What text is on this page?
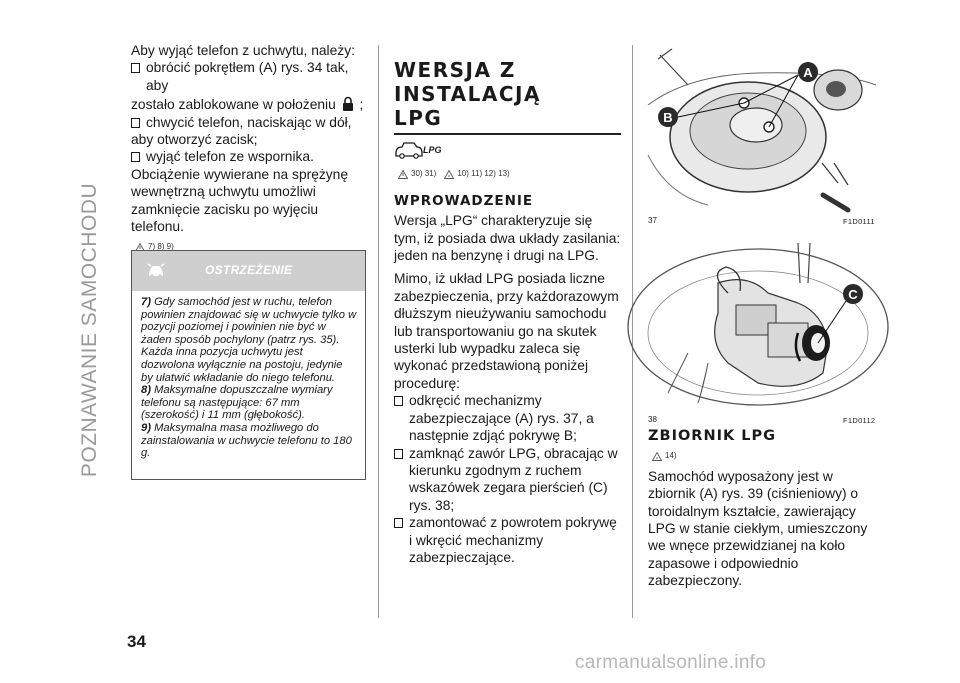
POZNAWANIE SAMOCHODU
34

Aby wyjąć telefon z uchwytu, należy:

obrócić pokrętłem (A) rys. 34 tak, aby

zostało zablokowane w położeniu ;

chwycić telefon, naciskając w dół,

aby otworzyć zacisk;

wyjąć telefon ze wspornika.

Obciążenie wywierane na sprężynę wewnętrzną uchwytu umożliwi zamknięcie zacisku po wyjęciu telefonu.

7) 8) 9)
OSTRZEŻENIE

7) Gdy samochód jest w ruchu, telefon powinien znajdować się w uchwycie tylko w pozycji poziomej i powinien nie być w żaden sposób pochylony (patrz rys. 35). Każda inna pozycja uchwytu jest dozwolona wyłącznie na postoju, jedynie by ułatwić wkładanie do niego telefonu.

8) Maksymalne dopuszczalne wymiary telefonu są następujące: 67 mm (szerokość) i 11 mm (głębokość).

9) Maksymalna masa możliwego do zainstalowania w uchwycie telefonu to 180 g.

WERSJA Z INSTALACJĄ LPG
LPG
30) 31)	10) 11) 12) 13)
WPROWADZENIE

Wersja „LPG“ charakteryzuje się tym, iż posiada dwa układy zasilania: jeden na benzynę i drugi na LPG.

Mimo, iż układ LPG posiada liczne zabezpieczenia, przy każdorazowym dłuższym nieużywaniu samochodu lub transportowaniu go na skutek usterki lub wypadku zaleca się wykonać przedstawioną poniżej procedurę:

odkręcić mechanizmy zabezpieczające (A) rys. 37, a następnie zdjąć pokrywę B;
zamknąć zawór LPG, obracając w kierunku zgodnym z ruchem wskazówek zegara pierścień (C) rys. 38;
zamontować z powrotem pokrywę i wkręcić mechanizmy zabezpieczające.
A
B
37	F1D0111
C
38	F1D0112
ZBIORNIK LPG
14)

Samochód wyposażony jest w zbiornik (A) rys. 39 (ciśnieniowy) o toroidalnym kształcie, zawierający LPG w stanie ciekłym, umieszczony we wnęce przewidzianej na koło zapasowe i odpowiednio zabezpieczony.

carmanualsonline.info
